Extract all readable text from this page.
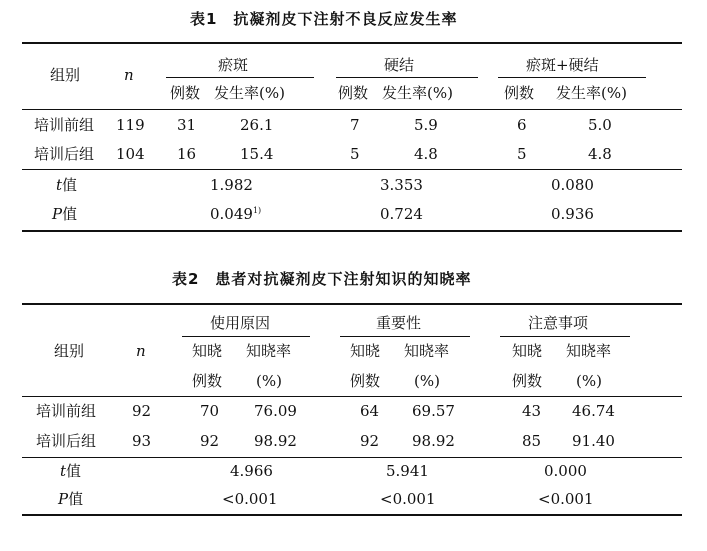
表1　抗凝剂皮下注射不良反应发生率
组别	n
瘀斑	硬结	瘀斑+硬结
例数 发生率(%)	例数 发生率(%)	例数 发生率(%)
培训前组 119 31	26.1	7	5.9	6	5.0
培训后组 104 16	15.4	5	4.8	5	4.8
t值	1.982	3.353	0.080
P值	0.049$^{1)}$	0.724	0.936
表2　患者对抗凝剂皮下注射知识的知晓率
组别	n
使用原因	重要性	注意事项
知晓 知晓率	知晓 知晓率	知晓 知晓率
例数 (%)	例数 (%)	例数 (%)
培训前组 92	70 76.09	64 69.57	43 46.74
培训后组 93	92 98.92	92 98.92	85 91.40
t值	4.966	5.941	0.000
P值	<0.001	<0.001	<0.001
